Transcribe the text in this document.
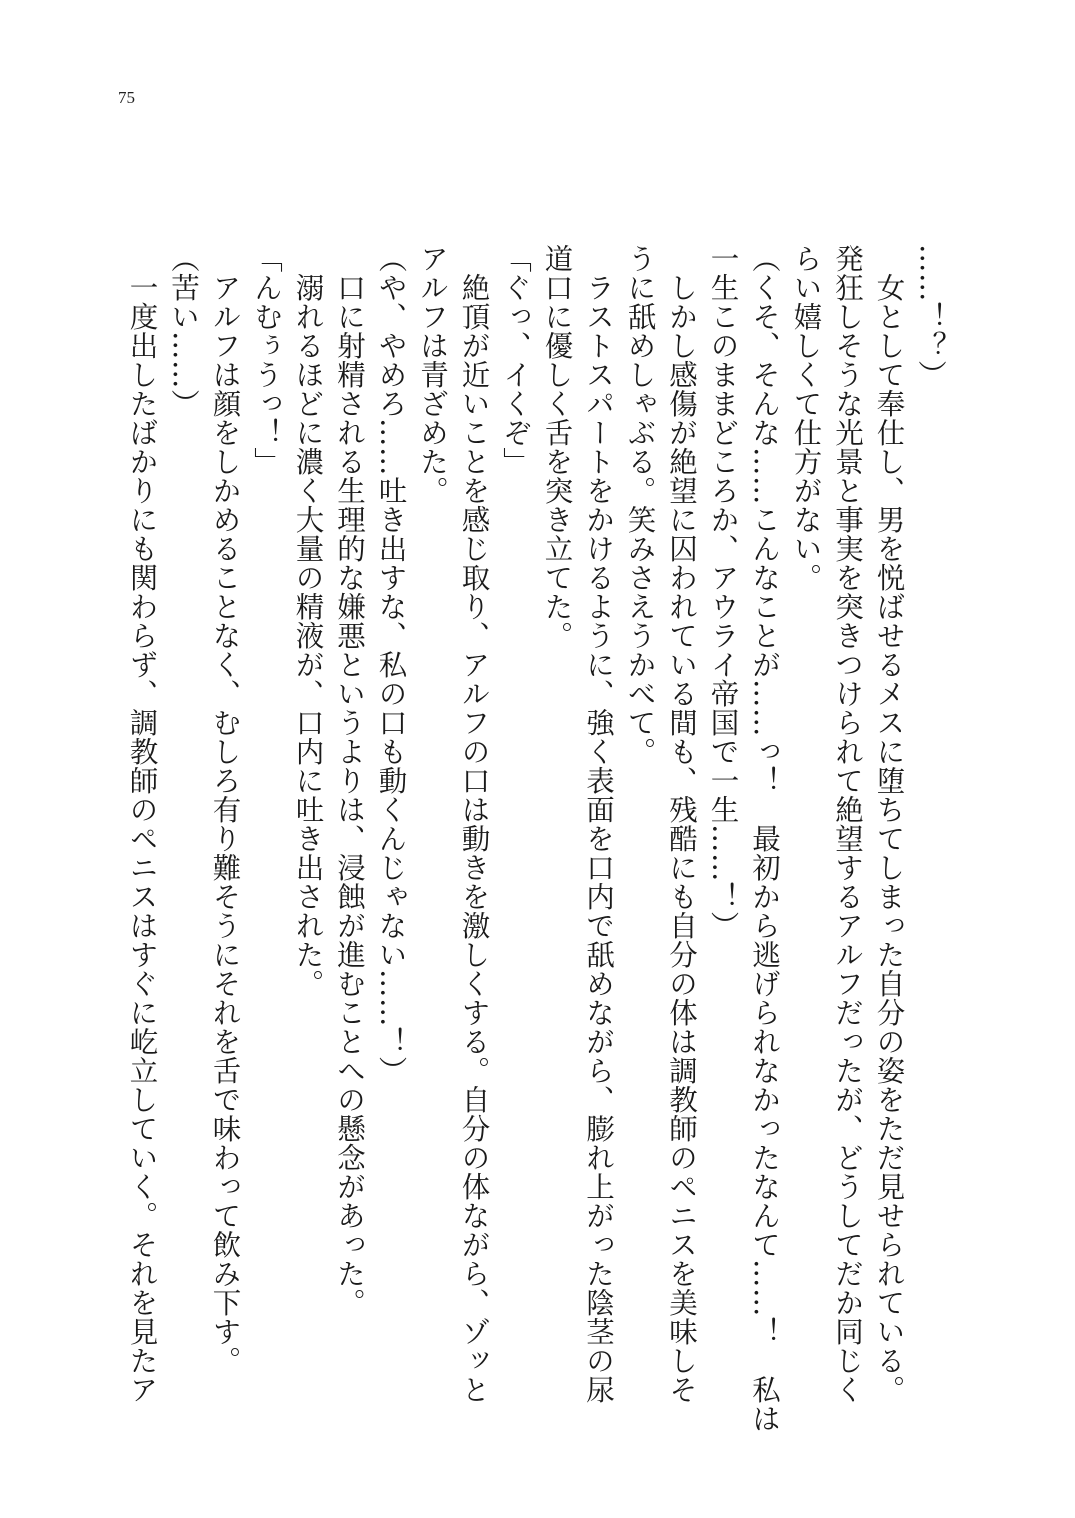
75
……！？）
　女として奉仕し、男を悦ばせるメスに堕ちてしまった自分の姿をただ見せられている。
発狂しそうな光景と事実を突きつけられて絶望するアルフだったが、どうしてだか同じく
らい嬉しくて仕方がない。
（くそ、そんな……こんなことが……っ！　最初から逃げられなかったなんて……！　私は
一生このままどころか、アウライ帝国で一生……！）
　しかし感傷が絶望に囚われている間も、残酷にも自分の体は調教師のペニスを美味しそ
うに舐めしゃぶる。笑みさえうかべて。
　ラストスパートをかけるように、強く表面を口内で舐めながら、膨れ上がった陰茎の尿
道口に優しく舌を突き立てた。
「ぐっ、イくぞ」
　絶頂が近いことを感じ取り、アルフの口は動きを激しくする。自分の体ながら、ゾッと
アルフは青ざめた。
（や、やめろ……吐き出すな、私の口も動くんじゃない……！）
　口に射精される生理的な嫌悪というよりは、浸蝕が進むことへの懸念があった。
　溺れるほどに濃く大量の精液が、口内に吐き出された。
「んむぅうっ！」
　アルフは顔をしかめることなく、むしろ有り難そうにそれを舌で味わって飲み下す。
（苦い……）
　一度出したばかりにも関わらず、調教師のペニスはすぐに屹立していく。それを見たア
